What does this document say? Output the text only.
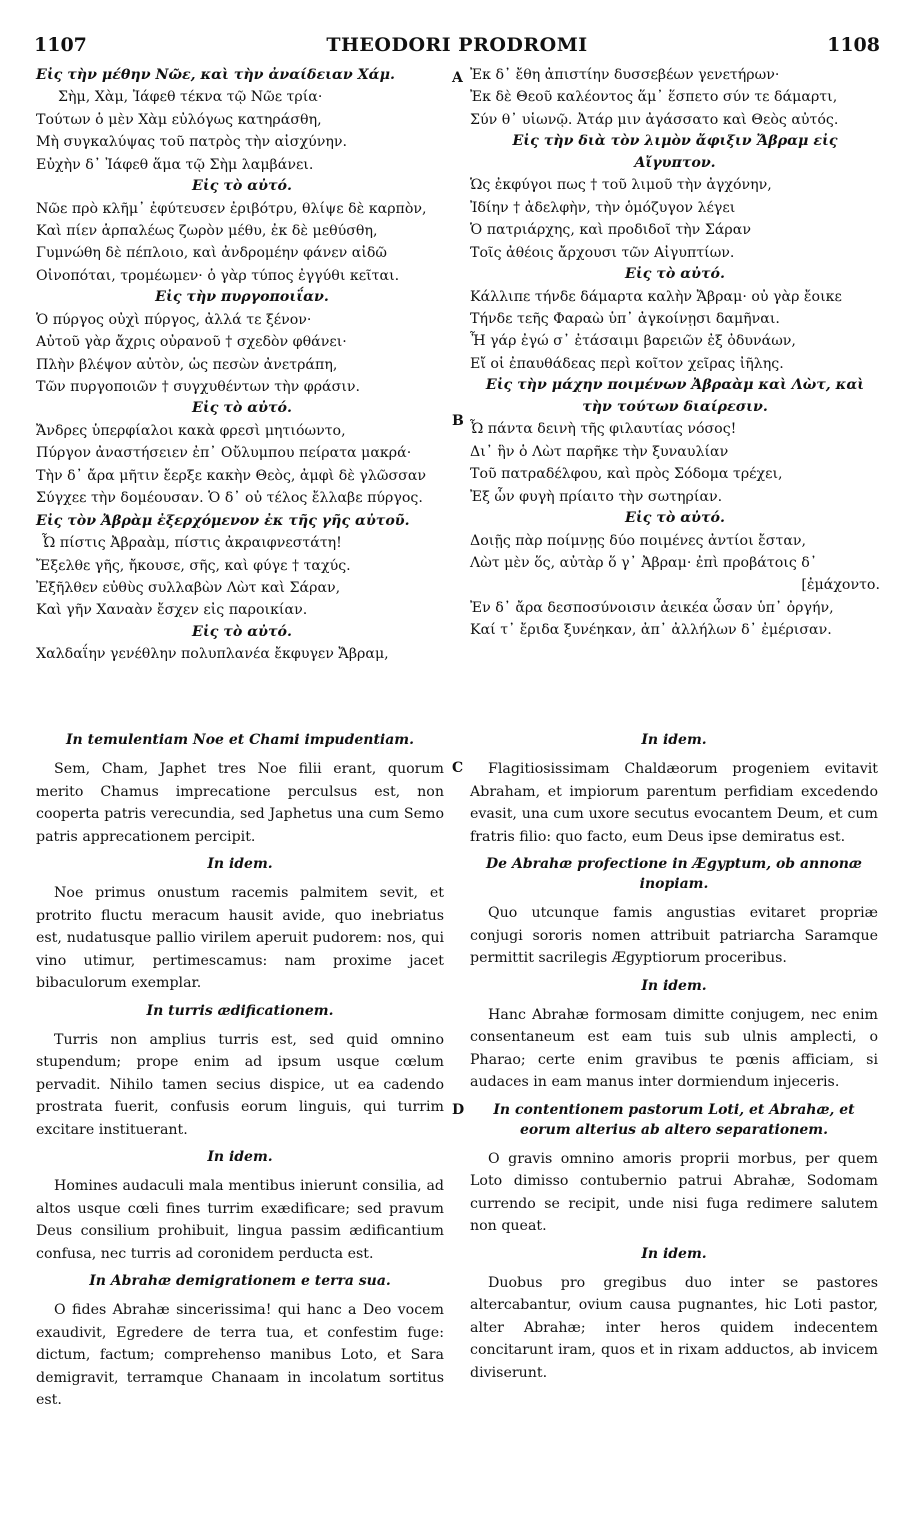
1107	THEODORI PRODROMI	1108
A
B
C
D
Εἰς τὴν μέθην Νῶε, καὶ τὴν ἀναίδειαν Χάμ.
Σὴμ, Χὰμ, Ἰάφεθ τέκνα τῷ Νῶε τρία·
Τούτων ὁ μὲν Χὰμ εὐλόγως κατηράσθη,
Μὴ συγκαλύψας τοῦ πατρὸς τὴν αἰσχύνην.
Εὐχὴν δ᾽ Ἰάφεθ ἅμα τῷ Σὴμ λαμβάνει.
Εἰς τὸ αὐτό.
Νῶε πρὸ κλῆμ᾽ ἐφύτευσεν ἐριβότρυ, θλίψε δὲ καρπὸν,
Καὶ πίεν ἁρπαλέως ζωρὸν μέθυ, ἐκ δὲ μεθύσθη,
Γυμνώθη δὲ πέπλοιο, καὶ ἀνδρομέην φάνεν αἰδῶ
Οἰνοπόται, τρομέωμεν· ὁ γὰρ τύπος ἐγγύθι κεῖται.
Εἰς τὴν πυργοποιΐαν.
Ὁ πύργος οὐχὶ πύργος, ἀλλά τε ξένον·
Αὐτοῦ γὰρ ἄχρις οὐρανοῦ † σχεδὸν φθάνει·
Πλὴν βλέψον αὐτὸν, ὡς πεσὼν ἀνετράπη,
Τῶν πυργοποιῶν † συγχυθέντων τὴν φράσιν.
Εἰς τὸ αὐτό.
Ἄνδρες ὑπερφίαλοι κακὰ φρεσὶ μητιόωντο,
Πύργον ἀναστήσειεν ἐπ᾽ Οὔλυμπου πείρατα μακρά·
Τὴν δ᾽ ἄρα μῆτιν ἔερξε κακὴν Θεὸς, ἀμφὶ δὲ γλῶσσαν
Σύγχεε τὴν δομέουσαν. Ὁ δ᾽ οὐ τέλος ἔλλαβε πύργος.
Εἰς τὸν Ἀβρὰμ ἐξερχόμενον ἐκ τῆς γῆς αὐτοῦ.
Ὦ πίστις Ἀβραὰμ, πίστις ἀκραιφνεστάτη!
Ἔξελθε γῆς, ἤκουσε, σῆς, καὶ φύγε † ταχύς.
Ἐξῆλθεν εὐθὺς συλλαβὼν Λὼτ καὶ Σάραν,
Καὶ γῆν Χαναὰν ἔσχεν εἰς παροικίαν.
Εἰς τὸ αὐτό.
Χαλδαΐην γενέθλην πολυπλανέα ἔκφυγεν Ἄβραμ,
Ἐκ δ᾽ ἔθη ἀπιστίην δυσσεβέων γενετήρων·
Ἐκ δὲ Θεοῦ καλέοντος ἅμ᾽ ἕσπετο σύν τε δάμαρτι,
Σύν θ᾽ υἱωνῷ. Ἀτάρ μιν ἀγάσσατο καὶ Θεὸς αὐτός.
Εἰς τὴν διὰ τὸν λιμὸν ἄφιξιν Ἄβραμ εἰς Αἴγυπτον.
Ὡς ἐκφύγοι πως † τοῦ λιμοῦ τὴν ἀγχόνην,
Ἰδίην † ἀδελφὴν, τὴν ὁμόζυγον λέγει
Ὁ πατριάρχης, καὶ προδιδοῖ τὴν Σάραν
Τοῖς ἀθέοις ἄρχουσι τῶν Αἰγυπτίων.
Εἰς τὸ αὐτό.
Κάλλιπε τήνδε δάμαρτα καλὴν Ἄβραμ· οὐ γὰρ ἔοικε
Τήνδε τεῆς Φαραὼ ὑπ᾽ ἀγκοίνῃσι δαμῆναι.
Ἦ γάρ ἐγώ σ᾽ ἐτάσαιμι βαρειῶν ἐξ ὀδυνάων,
Εἴ οἱ ἐπαυθάδεας περὶ κοῖτον χεῖρας ἰῆλης.
Εἰς τὴν μάχην ποιμένων Ἀβραὰμ καὶ Λὼτ, καὶ τὴν τούτων διαίρεσιν.
Ὦ πάντα δεινὴ τῆς φιλαυτίας νόσος!
Δι᾽ ἣν ὁ Λὼτ παρῆκε τὴν ξυναυλίαν
Τοῦ πατραδέλφου, καὶ πρὸς Σόδομα τρέχει,
Ἐξ ὧν φυγὴ πρίαιτο τὴν σωτηρίαν.
Εἰς τὸ αὐτό.
Δοιῇς πὰρ ποίμνῃς δύο ποιμένες ἀντίοι ἔσταν,
Λὼτ μὲν ὅς, αὐτὰρ ὅ γ᾽ Ἀβραμ· ἐπὶ προβάτοις δ᾽
[ἐμάχοντο.
Ἐν δ᾽ ἄρα δεσποσύνοισιν ἀεικέα ὦσαν ὑπ᾽ ὀργήν,
Καί τ᾽ ἔριδα ξυνέηκαν, ἀπ᾽ ἀλλήλων δ᾽ ἐμέρισαν.
In temulentiam Noe et Chami impudentiam.
Sem, Cham, Japhet tres Noe filii erant, quorum merito Chamus imprecatione perculsus est, non cooperta patris verecundia, sed Japhetus una cum Semo patris apprecationem percipit.
In idem.
Noe primus onustum racemis palmitem sevit, et protrito fluctu meracum hausit avide, quo inebriatus est, nudatusque pallio virilem aperuit pudorem: nos, qui vino utimur, pertimescamus: nam proxime jacet bibaculorum exemplar.
In turris ædificationem.
Turris non amplius turris est, sed quid omnino stupendum; prope enim ad ipsum usque cœlum pervadit. Nihilo tamen secius dispice, ut ea cadendo prostrata fuerit, confusis eorum linguis, qui turrim excitare instituerant.
In idem.
Homines audaculi mala mentibus inierunt consilia, ad altos usque cœli fines turrim exædificare; sed pravum Deus consilium prohibuit, lingua passim ædificantium confusa, nec turris ad coronidem perducta est.
In Abrahæ demigrationem e terra sua.
O fides Abrahæ sincerissima! qui hanc a Deo vocem exaudivit, Egredere de terra tua, et confestim fuge: dictum, factum; comprehenso manibus Loto, et Sara demigravit, terramque Chanaam in incolatum sortitus est.
In idem.
Flagitiosissimam Chaldæorum progeniem evitavit Abraham, et impiorum parentum perfidiam excedendo evasit, una cum uxore secutus evocantem Deum, et cum fratris filio: quo facto, eum Deus ipse demiratus est.
De Abrahæ profectione in Ægyptum, ob annonæ inopiam.
Quo utcunque famis angustias evitaret propriæ conjugi sororis nomen attribuit patriarcha Saramque permittit sacrilegis Ægyptiorum proceribus.
In idem.
Hanc Abrahæ formosam dimitte conjugem, nec enim consentaneum est eam tuis sub ulnis amplecti, o Pharao; certe enim gravibus te pœnis afficiam, si audaces in eam manus inter dormiendum injeceris.
In contentionem pastorum Loti, et Abrahæ, et eorum alterius ab altero separationem.
O gravis omnino amoris proprii morbus, per quem Loto dimisso contubernio patrui Abrahæ, Sodomam currendo se recipit, unde nisi fuga redimere salutem non queat.
In idem.
Duobus pro gregibus duo inter se pastores altercabantur, ovium causa pugnantes, hic Loti pastor, alter Abrahæ; inter heros quidem indecentem concitarunt iram, quos et in rixam adductos, ab invicem diviserunt.
